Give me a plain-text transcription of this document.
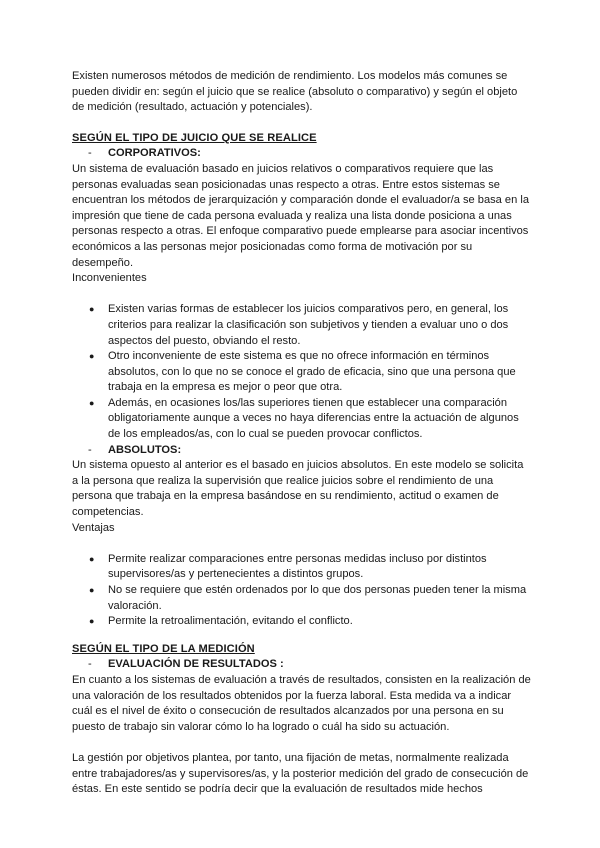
Existen numerosos métodos de medición de rendimiento. Los modelos más comunes se pueden dividir en: según el juicio que se realice (absoluto o comparativo) y según el objeto de medición (resultado, actuación y potenciales).

SEGÚN EL TIPO DE JUICIO QUE SE REALICE

- CORPORATIVOS:

Un sistema de evaluación basado en juicios relativos o comparativos requiere que las personas evaluadas sean posicionadas unas respecto a otras. Entre estos sistemas se encuentran los métodos de jerarquización y comparación donde el evaluador/a se basa en la impresión que tiene de cada persona evaluada y realiza una lista donde posiciona a unas personas respecto a otras. El enfoque comparativo puede emplearse para asociar incentivos económicos a las personas mejor posicionadas como forma de motivación por su desempeño.

Inconvenientes

● Existen varias formas de establecer los juicios comparativos pero, en general, los criterios para realizar la clasificación son subjetivos y tienden a evaluar uno o dos aspectos del puesto, obviando el resto.
● Otro inconveniente de este sistema es que no ofrece información en términos absolutos, con lo que no se conoce el grado de eficacia, sino que una persona que trabaja en la empresa es mejor o peor que otra.
● Además, en ocasiones los/las superiores tienen que establecer una comparación obligatoriamente aunque a veces no haya diferencias entre la actuación de algunos de los empleados/as, con lo cual se pueden provocar conflictos.
- ABSOLUTOS:

Un sistema opuesto al anterior es el basado en juicios absolutos. En este modelo se solicita a la persona que realiza la supervisión que realice juicios sobre el rendimiento de una persona que trabaja en la empresa basándose en su rendimiento, actitud o examen de competencias.

Ventajas

● Permite realizar comparaciones entre personas medidas incluso por distintos supervisores/as y pertenecientes a distintos grupos.
● No se requiere que estén ordenados por lo que dos personas pueden tener la misma valoración.
● Permite la retroalimentación, evitando el conflicto.

SEGÚN EL TIPO DE LA MEDICIÓN

- EVALUACIÓN DE RESULTADOS :

En cuanto a los sistemas de evaluación a través de resultados, consisten en la realización de una valoración de los resultados obtenidos por la fuerza laboral. Esta medida va a indicar cuál es el nivel de éxito o consecución de resultados alcanzados por una persona en su puesto de trabajo sin valorar cómo lo ha logrado o cuál ha sido su actuación.

La gestión por objetivos plantea, por tanto, una fijación de metas, normalmente realizada entre trabajadores/as y supervisores/as, y la posterior medición del grado de consecución de éstas. En este sentido se podría decir que la evaluación de resultados mide hechos
